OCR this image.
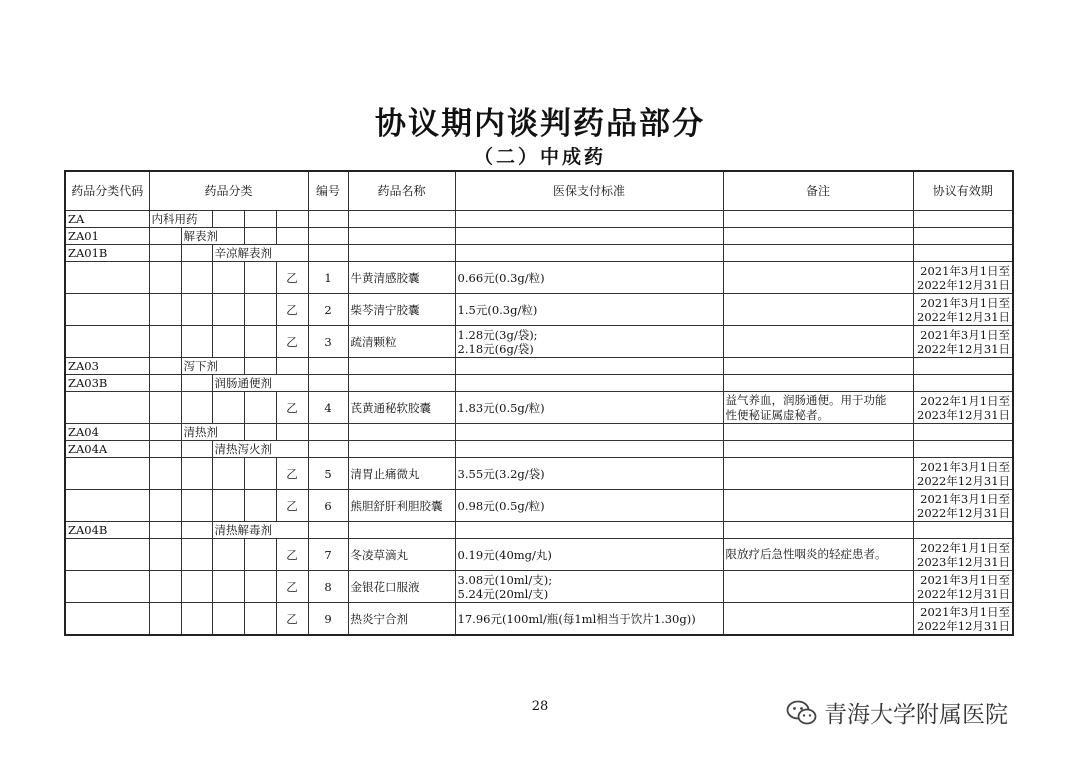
协议期内谈判药品部分
（二）中成药
药品分类代码	药品分类					编号	药品名称	医保支付标准	备注	协议有效期
ZA	内科用药									
ZA01		解表剂								
ZA01B			辛凉解表剂							
					乙	1	牛黄清感胶囊	0.66元(0.3g/粒)		2021年3月1日至
2022年12月31日
					乙	2	柴芩清宁胶囊	1.5元(0.3g/粒)		2021年3月1日至
2022年12月31日
					乙	3	疏清颗粒	1.28元(3g/袋);
2.18元(6g/袋)		2021年3月1日至
2022年12月31日
ZA03		泻下剂								
ZA03B			润肠通便剂							
					乙	4	芪黄通秘软胶囊	1.83元(0.5g/粒)	益气养血，润肠通便。用于功能
性便秘证属虚秘者。	2022年1月1日至
2023年12月31日
ZA04		清热剂								
ZA04A			清热泻火剂							
					乙	5	清胃止痛微丸	3.55元(3.2g/袋)		2021年3月1日至
2022年12月31日
					乙	6	熊胆舒肝利胆胶囊	0.98元(0.5g/粒)		2021年3月1日至
2022年12月31日
ZA04B			清热解毒剂							
					乙	7	冬凌草滴丸	0.19元(40mg/丸)	限放疗后急性咽炎的轻症患者。	2022年1月1日至
2023年12月31日
					乙	8	金银花口服液	3.08元(10ml/支);
5.24元(20ml/支)		2021年3月1日至
2022年12月31日
					乙	9	热炎宁合剂	17.96元(100ml/瓶(每1ml相当于饮片1.30g))		2021年3月1日至
2022年12月31日
28	青海大学附属医院
